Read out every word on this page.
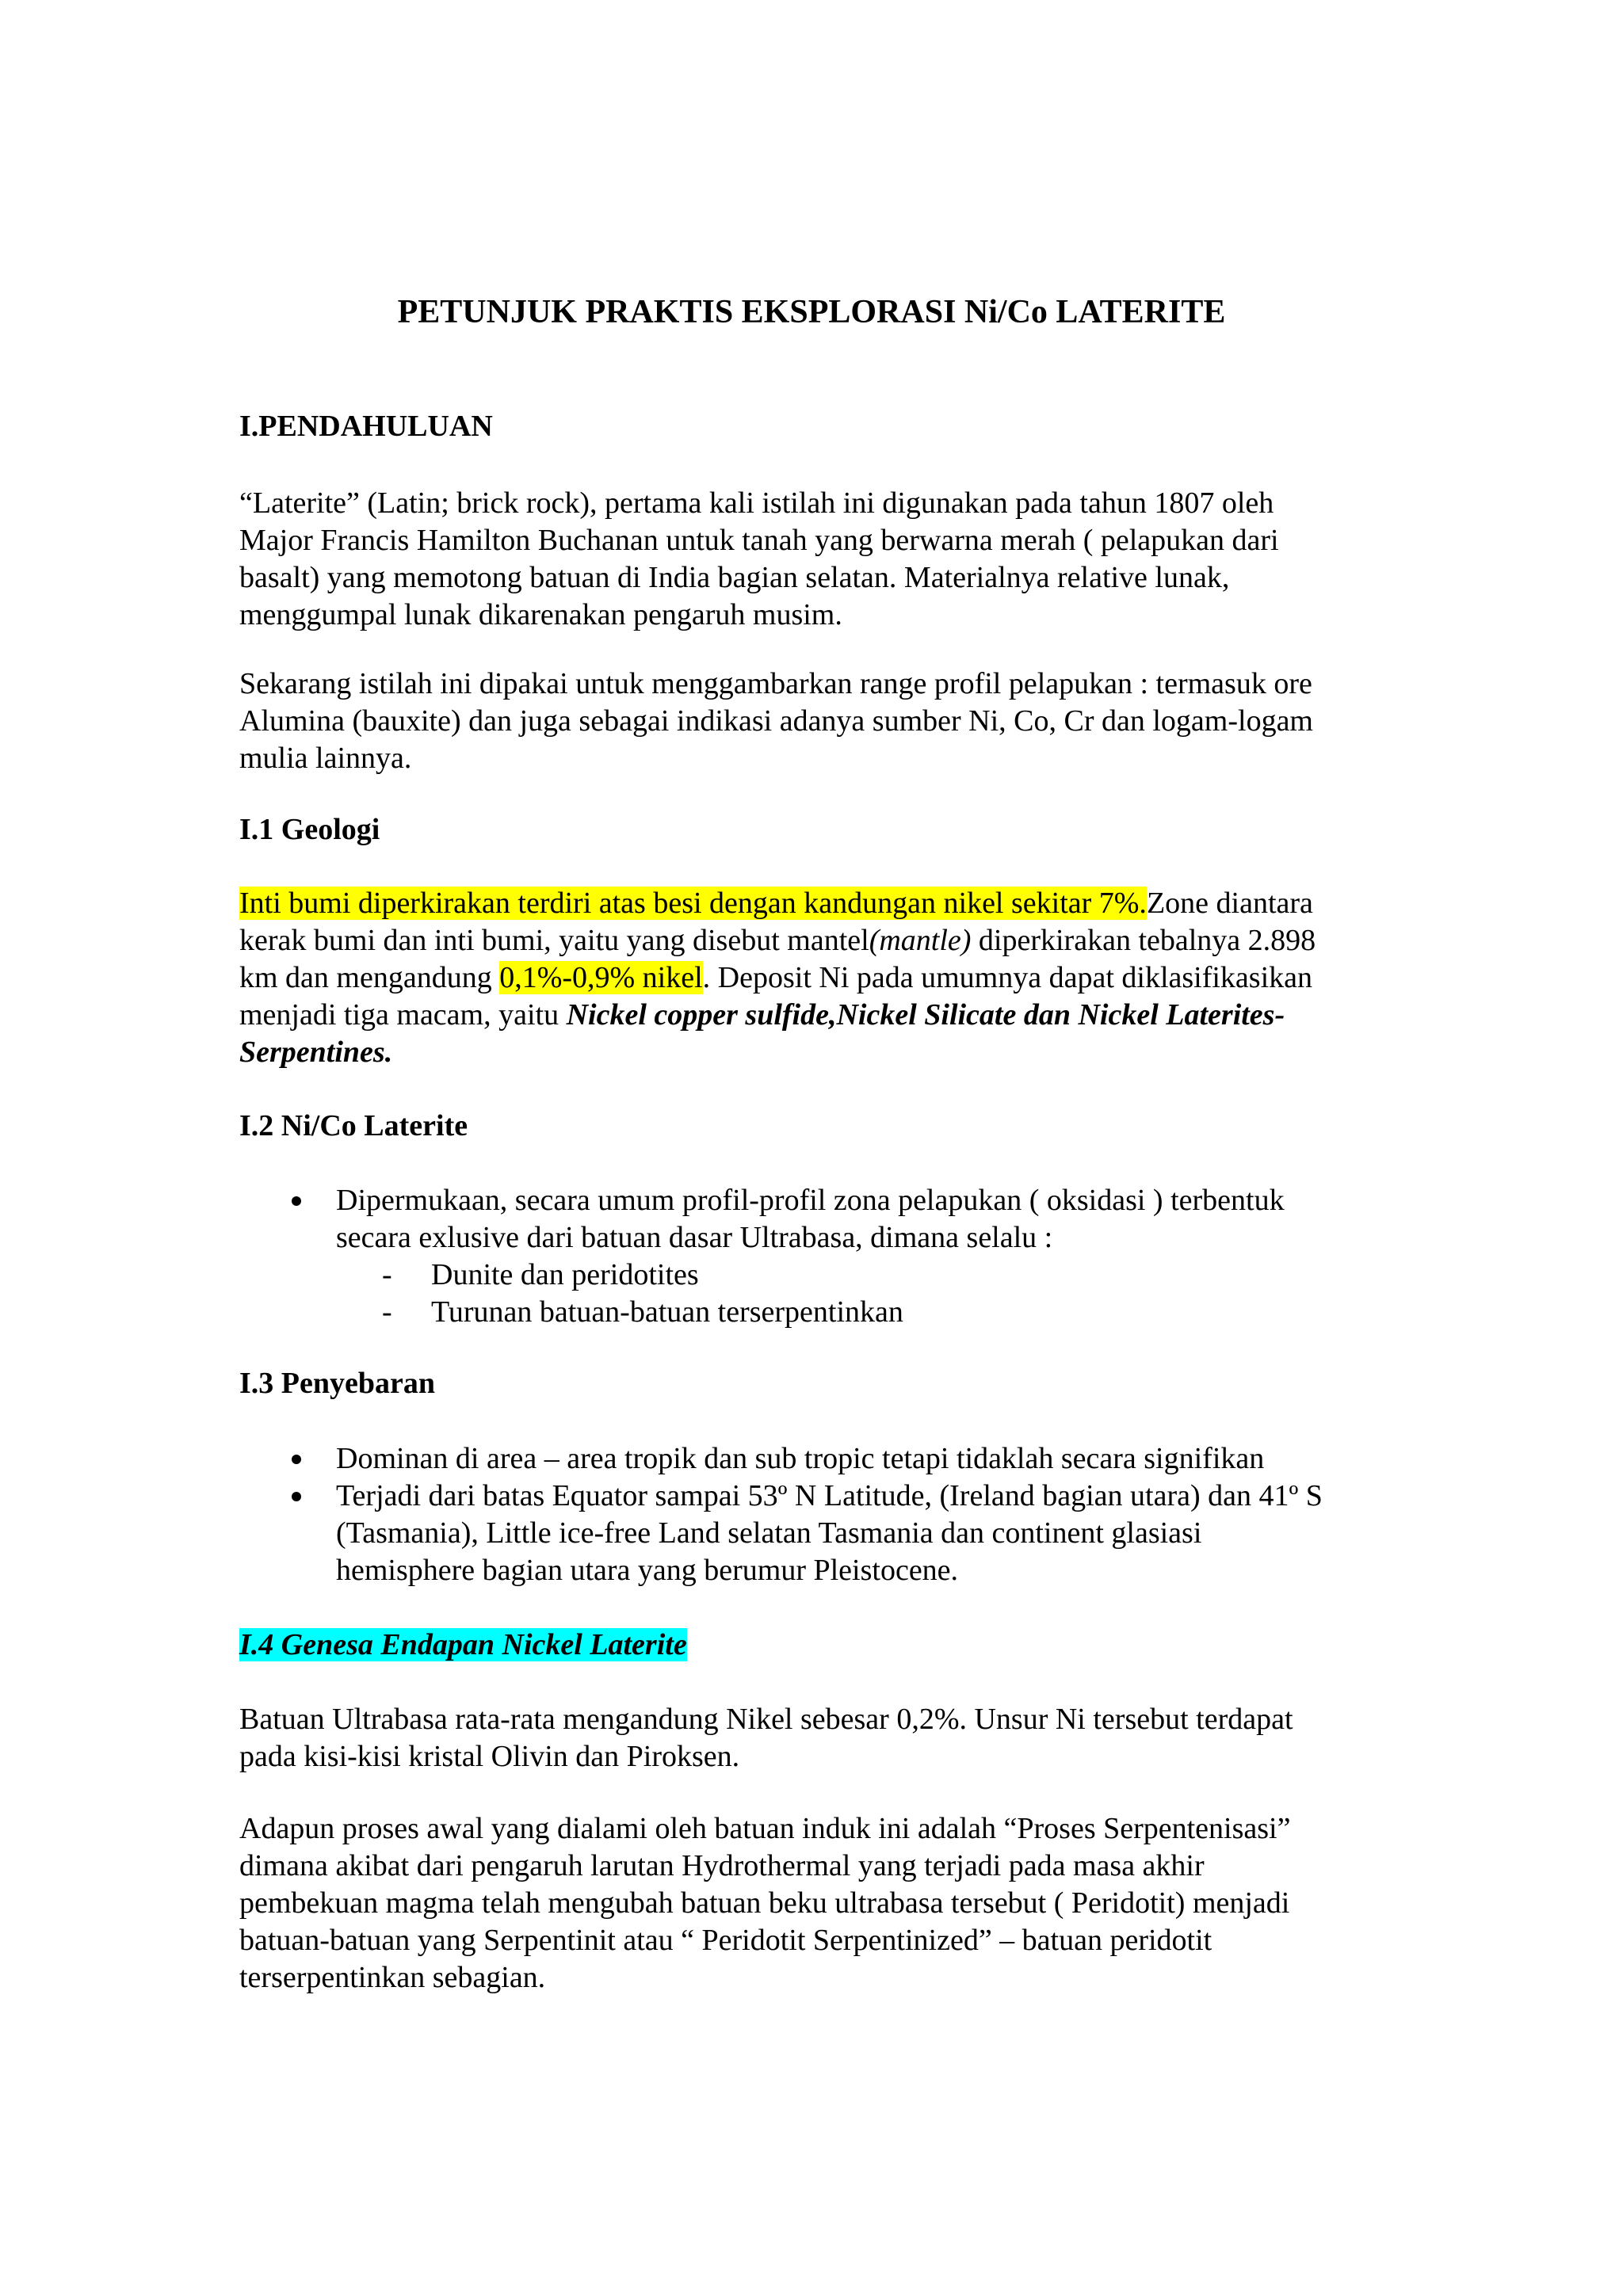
PETUNJUK PRAKTIS EKSPLORASI Ni/Co LATERITE
I.PENDAHULUAN
“Laterite” (Latin; brick rock), pertama kali istilah ini digunakan pada tahun 1807 oleh
Major Francis Hamilton Buchanan untuk tanah yang berwarna merah ( pelapukan dari
basalt) yang memotong batuan di India bagian selatan. Materialnya relative lunak,
menggumpal lunak dikarenakan pengaruh musim.
Sekarang istilah ini dipakai untuk menggambarkan range profil pelapukan : termasuk ore
Alumina (bauxite) dan juga sebagai indikasi adanya sumber Ni, Co, Cr dan logam-logam
mulia lainnya.
I.1 Geologi
Inti bumi diperkirakan terdiri atas besi dengan kandungan nikel sekitar 7%.Zone diantara
kerak bumi dan inti bumi, yaitu yang disebut mantel(mantle) diperkirakan tebalnya 2.898
km dan mengandung 0,1%-0,9% nikel. Deposit Ni pada umumnya dapat diklasifikasikan
menjadi tiga macam, yaitu Nickel copper sulfide,Nickel Silicate dan Nickel Laterites-
Serpentines.
I.2 Ni/Co Laterite
Dipermukaan, secara umum profil-profil zona pelapukan ( oksidasi ) terbentuk
secara exlusive dari batuan dasar Ultrabasa, dimana selalu :
- Dunite dan peridotites
- Turunan batuan-batuan terserpentinkan
I.3 Penyebaran
Dominan di area – area tropik dan sub tropic tetapi tidaklah secara signifikan
Terjadi dari batas Equator sampai 53º N Latitude, (Ireland bagian utara) dan 41º S
(Tasmania), Little ice-free Land selatan Tasmania dan continent glasiasi
hemisphere bagian utara yang berumur Pleistocene.
I.4 Genesa Endapan Nickel Laterite
Batuan Ultrabasa rata-rata mengandung Nikel sebesar 0,2%. Unsur Ni tersebut terdapat
pada kisi-kisi kristal Olivin dan Piroksen.
Adapun proses awal yang dialami oleh batuan induk ini adalah “Proses Serpentenisasi”
dimana akibat dari pengaruh larutan Hydrothermal yang terjadi pada masa akhir
pembekuan magma telah mengubah batuan beku ultrabasa tersebut ( Peridotit) menjadi
batuan-batuan yang Serpentinit atau “ Peridotit Serpentinized” – batuan peridotit
terserpentinkan sebagian.
